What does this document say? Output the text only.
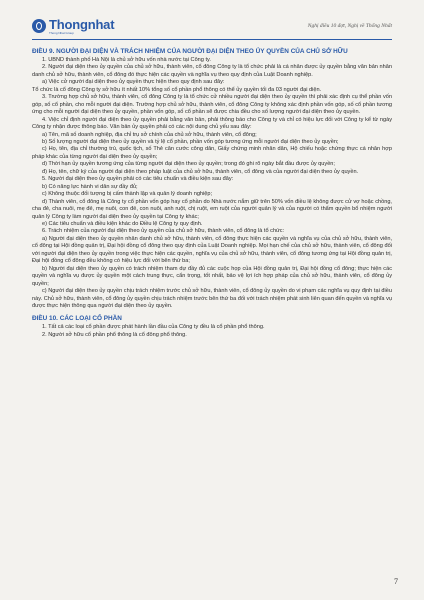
Thongnhat
Thong Nhat Group
Nghị điều 10 đợt, Nghị về Thống Nhất
ĐIỀU 9. NGƯỜI ĐẠI DIỆN VÀ TRÁCH NHIỆM CỦA NGƯỜI ĐẠI DIỆN THEO ỦY QUYỀN CỦA CHỦ SỞ HỮU

1. UBND thành phố Hà Nội là chủ sở hữu vốn nhà nước tại Công ty.

2. Người đại diện theo ủy quyền của chủ sở hữu, thành viên, cổ đông Công ty là tổ chức phải là cá nhân được ủy quyền bằng văn bản nhân danh chủ sở hữu, thành viên, cổ đông đó thực hiện các quyền và nghĩa vụ theo quy định của Luật Doanh nghiệp.

a) Việc cử người đại diện theo ủy quyền thực hiện theo quy định sau đây:

Tổ chức là cổ đông Công ty sở hữu ít nhất 10% tổng số cổ phần phổ thông có thể ủy quyền tối đa 03 người đại diện.

3. Trường hợp chủ sở hữu, thành viên, cổ đông Công ty là tổ chức cử nhiều người đại diện theo ủy quyền thì phải xác định cụ thể phần vốn góp, số cổ phần, cho mỗi người đại diện. Trường hợp chủ sở hữu, thành viên, cổ đông Công ty không xác định phần vốn góp, số cổ phần tương ứng cho mỗi người đại diện theo ủy quyền, phần vốn góp, số cổ phần sẽ được chia đều cho số lượng người đại diện theo ủy quyền.

4. Việc chỉ định người đại diện theo ủy quyền phải bằng văn bản, phải thông báo cho Công ty và chỉ có hiệu lực đối với Công ty kể từ ngày Công ty nhận được thông báo. Văn bản ủy quyền phải có các nội dung chủ yếu sau đây:

a) Tên, mã số doanh nghiệp, địa chỉ trụ sở chính của chủ sở hữu, thành viên, cổ đông;

b) Số lượng người đại diện theo ủy quyền và tỷ lệ cổ phần, phần vốn góp tương ứng mỗi người đại diện theo ủy quyền;

c) Họ, tên, địa chỉ thường trú, quốc tịch, số Thẻ căn cước công dân, Giấy chứng minh nhân dân, Hộ chiếu hoặc chứng thực cá nhân hợp pháp khác của từng người đại diện theo ủy quyền;

d) Thời hạn ủy quyền tương ứng của từng người đại diện theo ủy quyền; trong đó ghi rõ ngày bắt đầu được ủy quyền;

đ) Họ, tên, chữ ký của người đại diện theo pháp luật của chủ sở hữu, thành viên, cổ đông và của người đại diện theo ủy quyền.

5. Người đại diện theo ủy quyền phải có các tiêu chuẩn và điều kiện sau đây:

b) Có năng lực hành vi dân sự đầy đủ;

c) Không thuộc đối tượng bị cấm thành lập và quản lý doanh nghiệp;

d) Thành viên, cổ đông là Công ty cổ phần vốn góp hay cổ phần do Nhà nước nắm giữ trên 50% vốn điều lệ không được cử vợ hoặc chồng, cha đẻ, cha nuôi, mẹ đẻ, mẹ nuôi, con đẻ, con nuôi, anh ruột, chị ruột, em ruột của người quản lý và của người có thẩm quyền bổ nhiệm người quản lý Công ty làm người đại diện theo ủy quyền tại Công ty khác;

e) Các tiêu chuẩn và điều kiện khác do Điều lệ Công ty quy định.

6. Trách nhiệm của người đại diện theo ủy quyền của chủ sở hữu, thành viên, cổ đông là tổ chức:

a) Người đại diện theo ủy quyền nhân danh chủ sở hữu, thành viên, cổ đông thực hiện các quyền và nghĩa vụ của chủ sở hữu, thành viên, cổ đông tại Hội đồng quản trị, Đại hội đồng cổ đông theo quy định của Luật Doanh nghiệp. Mọi hạn chế của chủ sở hữu, thành viên, cổ đông đối với người đại diện theo ủy quyền trong việc thực hiện các quyền, nghĩa vụ của chủ sở hữu, thành viên, cổ đông tương ứng tại Hội đồng quản trị, Đại hội đồng cổ đông đều không có hiệu lực đối với bên thứ ba;

b) Người đại diện theo ủy quyền có trách nhiệm tham dự đầy đủ các cuộc họp của Hội đồng quản trị, Đại hội đồng cổ đông; thực hiện các quyền và nghĩa vụ được ủy quyền một cách trung thực, cẩn trọng, tốt nhất, bảo vệ lợi ích hợp pháp của chủ sở hữu, thành viên, cổ đông ủy quyền;

c) Người đại diện theo ủy quyền chịu trách nhiệm trước chủ sở hữu, thành viên, cổ đông ủy quyền do vi phạm các nghĩa vụ quy định tại điều này. Chủ sở hữu, thành viên, cổ đông ủy quyền chịu trách nhiệm trước bên thứ ba đối với trách nhiệm phát sinh liên quan đến quyền và nghĩa vụ được thực hiện thông qua người đại diện theo ủy quyền.

ĐIỀU 10. CÁC LOẠI CỔ PHẦN

1. Tất cả các loại cổ phần được phát hành lần đầu của Công ty đều là cổ phần phổ thông.

2. Người sở hữu cổ phần phổ thông là cổ đông phổ thông.

7
